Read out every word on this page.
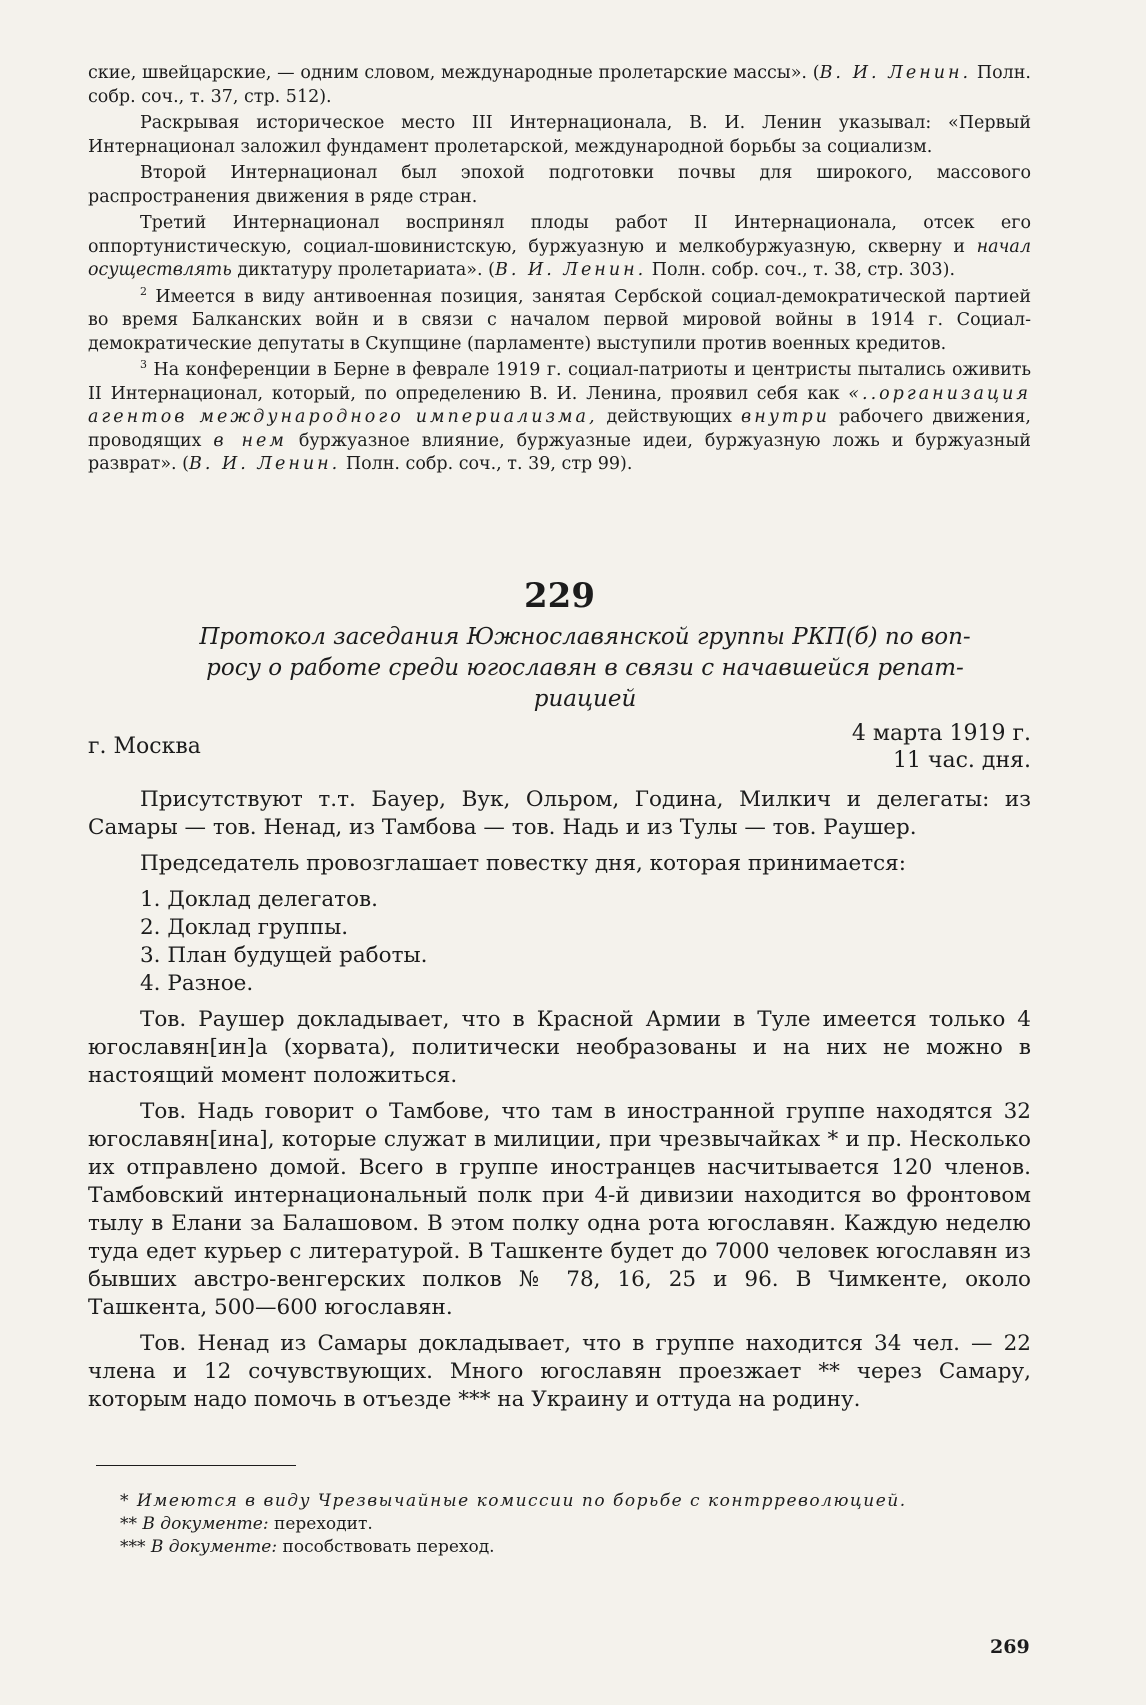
ские, швейцарские, — одним словом, международные пролетарские массы». (В. И. Ленин. Полн. собр. соч., т. 37, стр. 512).

Раскрывая историческое место III Интернационала, В. И. Ленин указывал: «Первый Интернационал заложил фундамент пролетарской, международной борьбы за социализм.

Второй Интернационал был эпохой подготовки почвы для широкого, массового распространения движения в ряде стран.

Третий Интернационал воспринял плоды работ II Интернационала, отсек его оппортунистическую, социал-шовинистскую, буржуазную и мелкобуржуазную, скверну и начал осуществлять диктатуру пролетариата». (В. И. Ленин. Полн. собр. соч., т. 38, стр. 303).

$^2$ Имеется в виду антивоенная позиция, занятая Сербской социал-демократической партией во время Балканских войн и в связи с началом первой мировой войны в 1914 г. Социал-демократические депутаты в Скупщине (парламенте) выступили против военных кредитов.

$^3$ На конференции в Берне в феврале 1919 г. социал-патриоты и центристы пытались оживить II Интернационал, который, по определению В. И. Ленина, проявил себя как «..организация агентов международного империализма, действующих внутри рабочего движения, проводящих в нем буржуазное влияние, буржуазные идеи, буржуазную ложь и буржуазный разврат». (В. И. Ленин. Полн. собр. соч., т. 39, стр 99).

229
Протокол заседания Южнославянской группы РКП(б) по воп-
росу о работе среди югославян в связи с начавшейся репат-
риацией
4 марта 1919 г.
11 час. дня.
г. Москва

Присутствуют т.т. Бауер, Вук, Ольром, Година, Милкич и делегаты: из Самары — тов. Ненад, из Тамбова — тов. Надь и из Тулы — тов. Раушер.

Председатель провозглашает повестку дня, которая принимается:

1. Доклад делегатов.
2. Доклад группы.
3. План будущей работы.
4. Разное.

Тов. Раушер докладывает, что в Красной Армии в Туле имеется только 4 югославян[ин]а (хорвата), политически необразованы и на них не можно в настоящий момент положиться.

Тов. Надь говорит о Тамбове, что там в иностранной группе находятся 32 югославян[ина], которые служат в милиции, при чрезвычайках * и пр. Несколько их отправлено домой. Всего в группе иностранцев насчитывается 120 членов. Тамбовский интернациональный полк при 4-й дивизии находится во фронтовом тылу в Елани за Балашовом. В этом полку одна рота югославян. Каждую неделю туда едет курьер с литературой. В Ташкенте будет до 7000 человек югославян из бывших австро-венгерских полков № 78, 16, 25 и 96. В Чимкенте, около Ташкента, 500—600 югославян.

Тов. Ненад из Самары докладывает, что в группе находится 34 чел. — 22 члена и 12 сочувствующих. Много югославян проезжает ** через Самару, которым надо помочь в отъезде *** на Украину и оттуда на родину.

* Имеются в виду Чрезвычайные комиссии по борьбе с контрреволюцией.
** В документе: переходит.
*** В документе: пособствовать переход.
269
